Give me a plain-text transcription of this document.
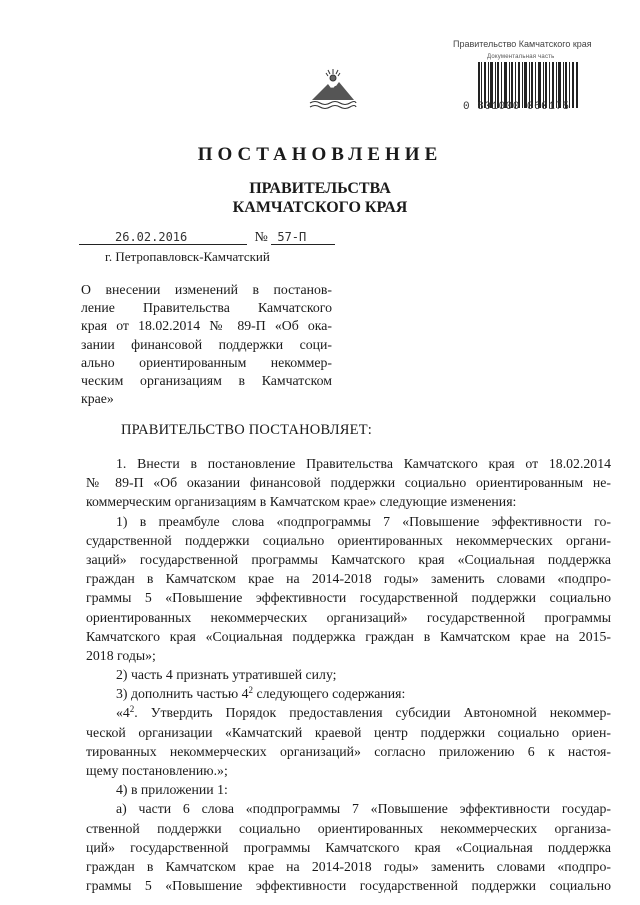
Правительство Камчатского края
Документальная часть
0 801000 060175
ПОСТАНОВЛЕНИЕ
ПРАВИТЕЛЬСТВА
КАМЧАТСКОГО КРАЯ
26.02.2016	№ 57-П
г. Петропавловск-Камчатский
О внесении изменений в постанов-
ление Правительства Камчатского
края от 18.02.2014 № 89-П «Об ока-
зании финансовой поддержки соци-
ально ориентированным некоммер-
ческим организациям в Камчатском
крае»
ПРАВИТЕЛЬСТВО ПОСТАНОВЛЯЕТ:
1. Внести в постановление Правительства Камчатского края от 18.02.2014
№ 89-П «Об оказании финансовой поддержки социально ориентированным не-
коммерческим организациям в Камчатском крае» следующие изменения:
1) в преамбуле слова «подпрограммы 7 «Повышение эффективности го-
сударственной поддержки социально ориентированных некоммерческих органи-
заций» государственной программы Камчатского края «Социальная поддержка
граждан в Камчатском крае на 2014-2018 годы» заменить словами «подпро-
граммы 5 «Повышение эффективности государственной поддержки социально
ориентированных некоммерческих организаций» государственной программы
Камчатского края «Социальная поддержка граждан в Камчатском крае на 2015-
2018 годы»;
2) часть 4 признать утратившей силу;
3) дополнить частью $4^2$ следующего содержания:
«$4^2$. Утвердить Порядок предоставления субсидии Автономной некоммер-
ческой организации «Камчатский краевой центр поддержки социально ориен-
тированных некоммерческих организаций» согласно приложению 6 к настоя-
щему постановлению.»;
4) в приложении 1:
а) части 6 слова «подпрограммы 7 «Повышение эффективности государ-
ственной поддержки социально ориентированных некоммерческих организа-
ций» государственной программы Камчатского края «Социальная поддержка
граждан в Камчатском крае на 2014-2018 годы» заменить словами «подпро-
граммы 5 «Повышение эффективности государственной поддержки социально
